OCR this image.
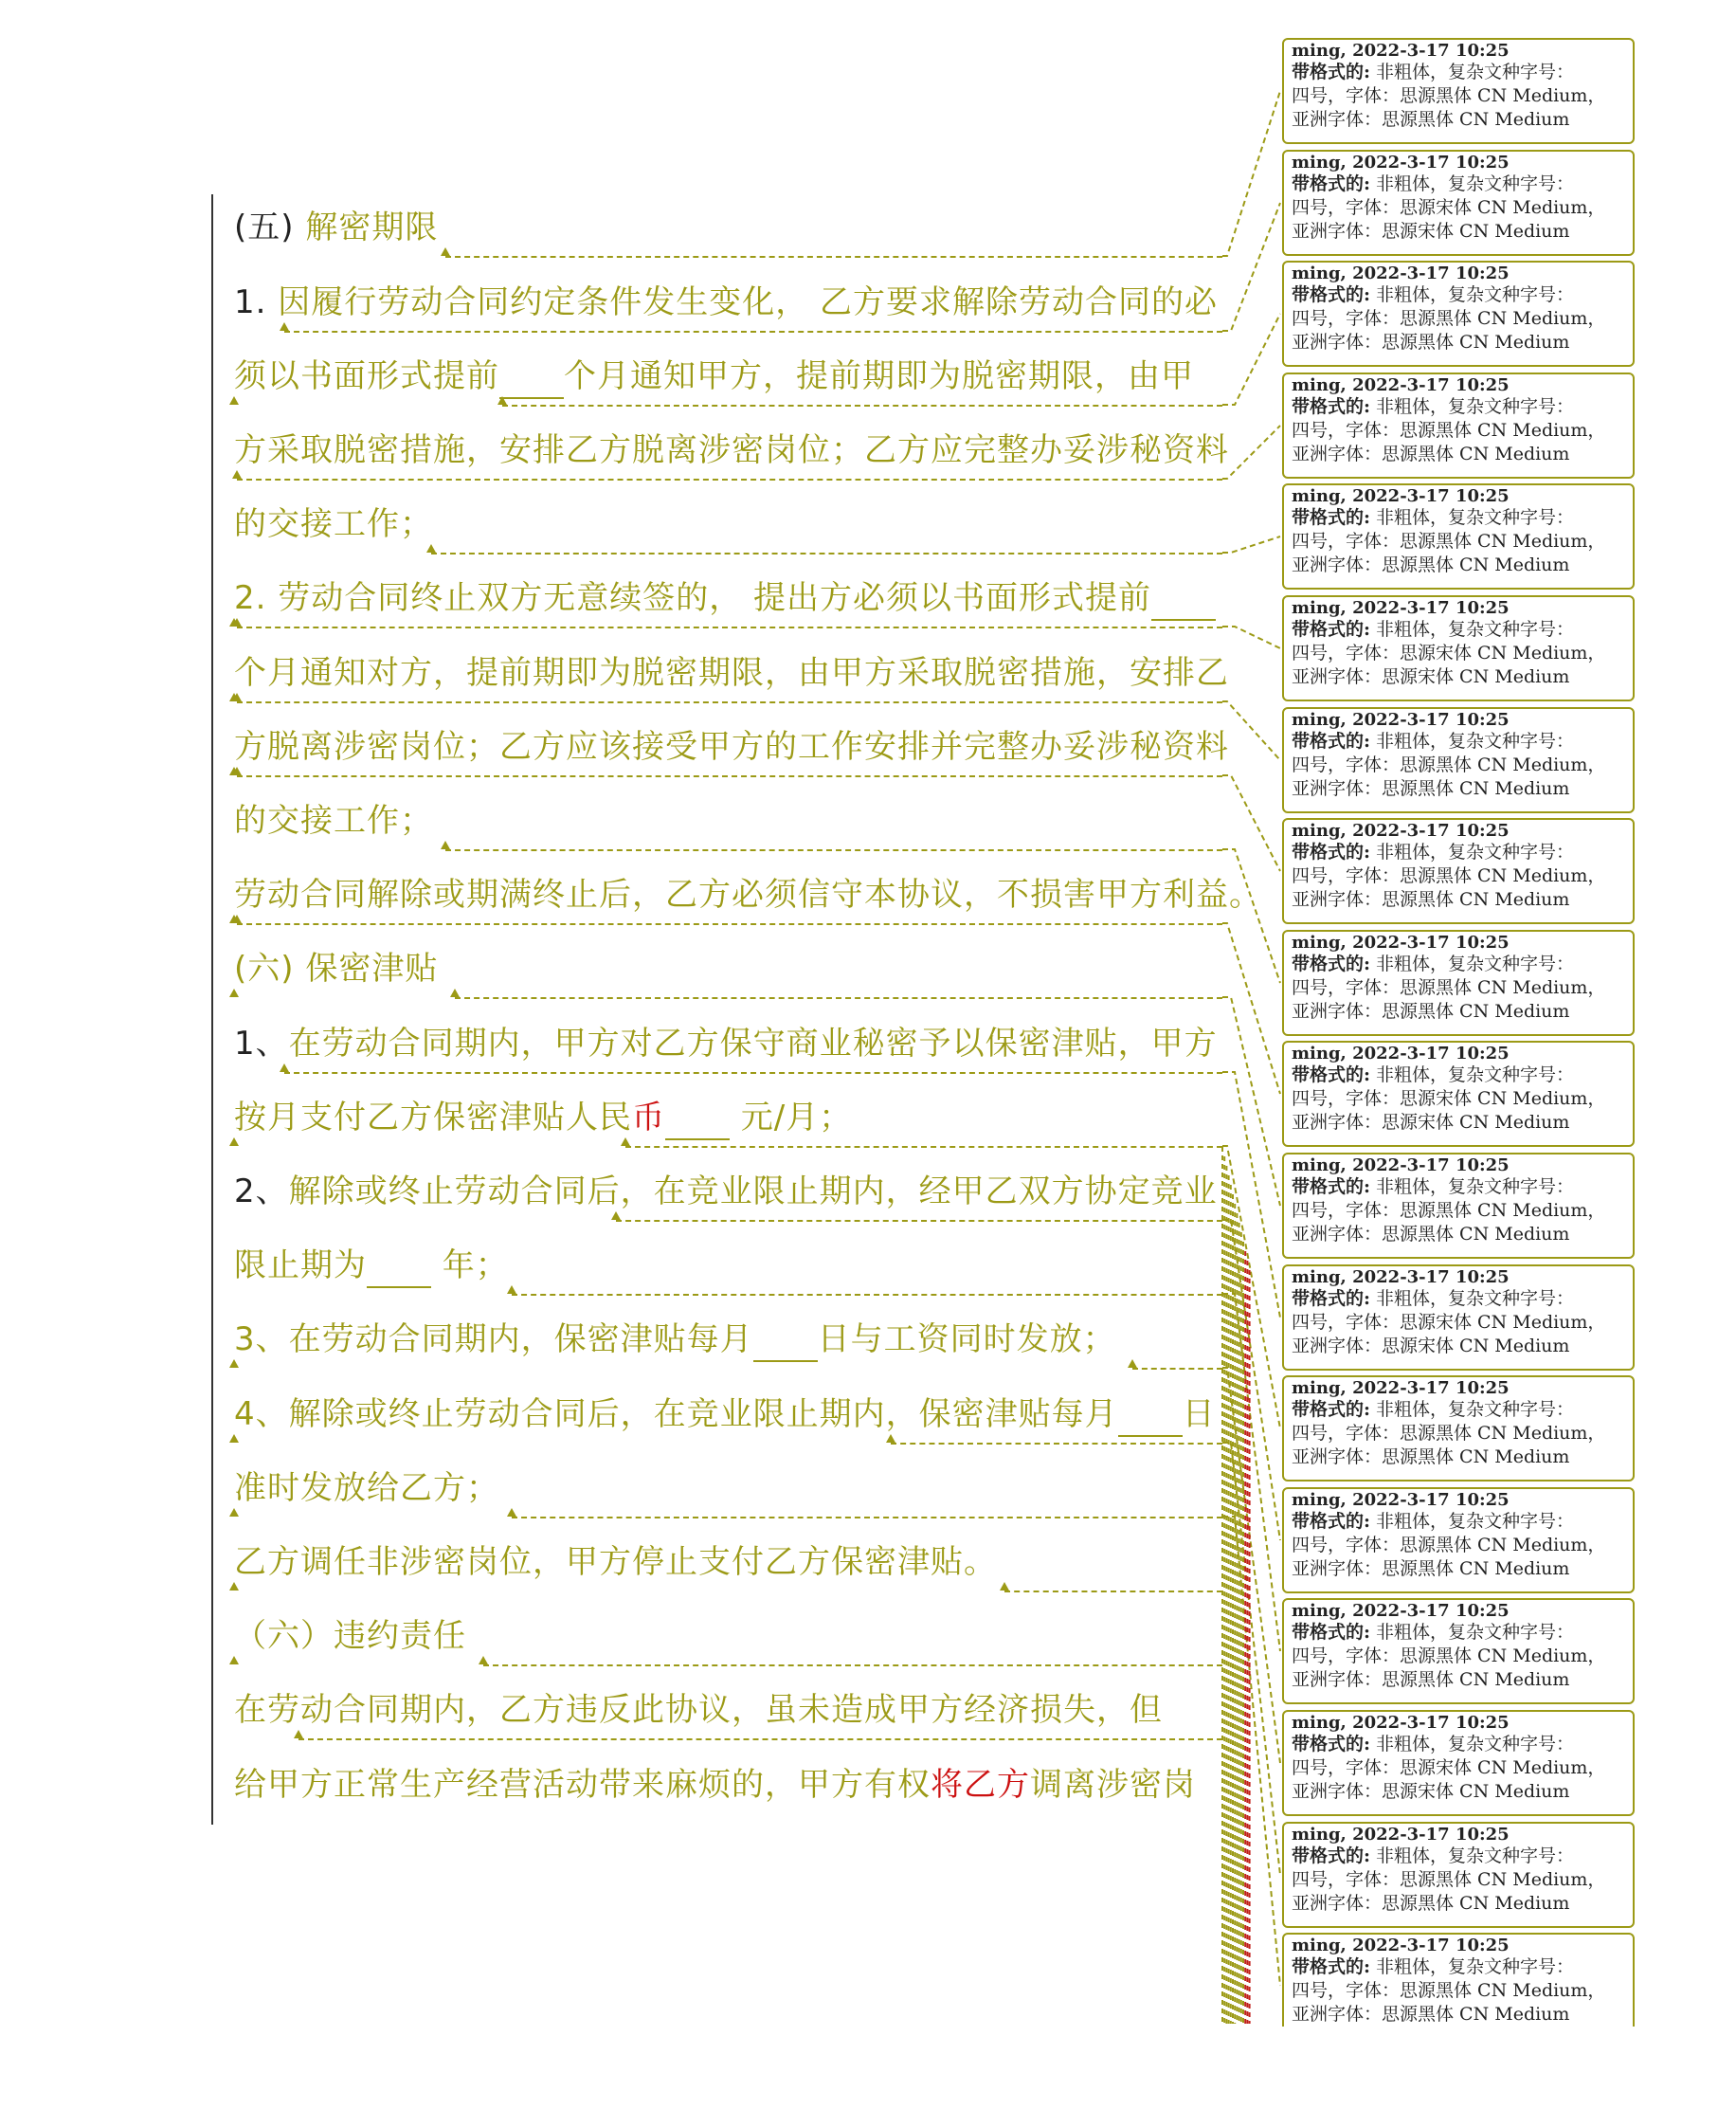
(五) 解密期限
1. 因履行劳动合同约定条件发生变化， 乙方要求解除劳动合同的必
须以书面形式提前 个月通知甲方，提前期即为脱密期限，由甲
方采取脱密措施，安排乙方脱离涉密岗位；乙方应完整办妥涉秘资料
的交接工作；
2. 劳动合同终止双方无意续签的， 提出方必须以书面形式提前
个月通知对方，提前期即为脱密期限，由甲方采取脱密措施，安排乙
方脱离涉密岗位；乙方应该接受甲方的工作安排并完整办妥涉秘资料
的交接工作；
劳动合同解除或期满终止后，乙方必须信守本协议，不损害甲方利益。
(六) 保密津贴
1、在劳动合同期内，甲方对乙方保守商业秘密予以保密津贴，甲方
按月支付乙方保密津贴人民币 元/月；
2、解除或终止劳动合同后，在竞业限止期内，经甲乙双方协定竞业
限止期为 年；
3、在劳动合同期内，保密津贴每月 日与工资同时发放；
4、解除或终止劳动合同后，在竞业限止期内，保密津贴每月 日
准时发放给乙方；
乙方调任非涉密岗位，甲方停止支付乙方保密津贴。
（六）违约责任
在劳动合同期内，乙方违反此协议，虽未造成甲方经济损失，但
给甲方正常生产经营活动带来麻烦的，甲方有权将乙方调离涉密岗
ming, 2022-3-17 10:25
带格式的: 非粗体，复杂文种字号：
四号，字体：思源黑体 CN Medium，
亚洲字体：思源黑体 CN Medium
ming, 2022-3-17 10:25
带格式的: 非粗体，复杂文种字号：
四号，字体：思源宋体 CN Medium，
亚洲字体：思源宋体 CN Medium
ming, 2022-3-17 10:25
带格式的: 非粗体，复杂文种字号：
四号，字体：思源黑体 CN Medium，
亚洲字体：思源黑体 CN Medium
ming, 2022-3-17 10:25
带格式的: 非粗体，复杂文种字号：
四号，字体：思源黑体 CN Medium，
亚洲字体：思源黑体 CN Medium
ming, 2022-3-17 10:25
带格式的: 非粗体，复杂文种字号：
四号，字体：思源黑体 CN Medium，
亚洲字体：思源黑体 CN Medium
ming, 2022-3-17 10:25
带格式的: 非粗体，复杂文种字号：
四号，字体：思源宋体 CN Medium，
亚洲字体：思源宋体 CN Medium
ming, 2022-3-17 10:25
带格式的: 非粗体，复杂文种字号：
四号，字体：思源黑体 CN Medium，
亚洲字体：思源黑体 CN Medium
ming, 2022-3-17 10:25
带格式的: 非粗体，复杂文种字号：
四号，字体：思源黑体 CN Medium，
亚洲字体：思源黑体 CN Medium
ming, 2022-3-17 10:25
带格式的: 非粗体，复杂文种字号：
四号，字体：思源黑体 CN Medium，
亚洲字体：思源黑体 CN Medium
ming, 2022-3-17 10:25
带格式的: 非粗体，复杂文种字号：
四号，字体：思源宋体 CN Medium，
亚洲字体：思源宋体 CN Medium
ming, 2022-3-17 10:25
带格式的: 非粗体，复杂文种字号：
四号，字体：思源黑体 CN Medium，
亚洲字体：思源黑体 CN Medium
ming, 2022-3-17 10:25
带格式的: 非粗体，复杂文种字号：
四号，字体：思源宋体 CN Medium，
亚洲字体：思源宋体 CN Medium
ming, 2022-3-17 10:25
带格式的: 非粗体，复杂文种字号：
四号，字体：思源黑体 CN Medium，
亚洲字体：思源黑体 CN Medium
ming, 2022-3-17 10:25
带格式的: 非粗体，复杂文种字号：
四号，字体：思源黑体 CN Medium，
亚洲字体：思源黑体 CN Medium
ming, 2022-3-17 10:25
带格式的: 非粗体，复杂文种字号：
四号，字体：思源黑体 CN Medium，
亚洲字体：思源黑体 CN Medium
ming, 2022-3-17 10:25
带格式的: 非粗体，复杂文种字号：
四号，字体：思源宋体 CN Medium，
亚洲字体：思源宋体 CN Medium
ming, 2022-3-17 10:25
带格式的: 非粗体，复杂文种字号：
四号，字体：思源黑体 CN Medium，
亚洲字体：思源黑体 CN Medium
ming, 2022-3-17 10:25
带格式的: 非粗体，复杂文种字号：
四号，字体：思源黑体 CN Medium，
亚洲字体：思源黑体 CN Medium
